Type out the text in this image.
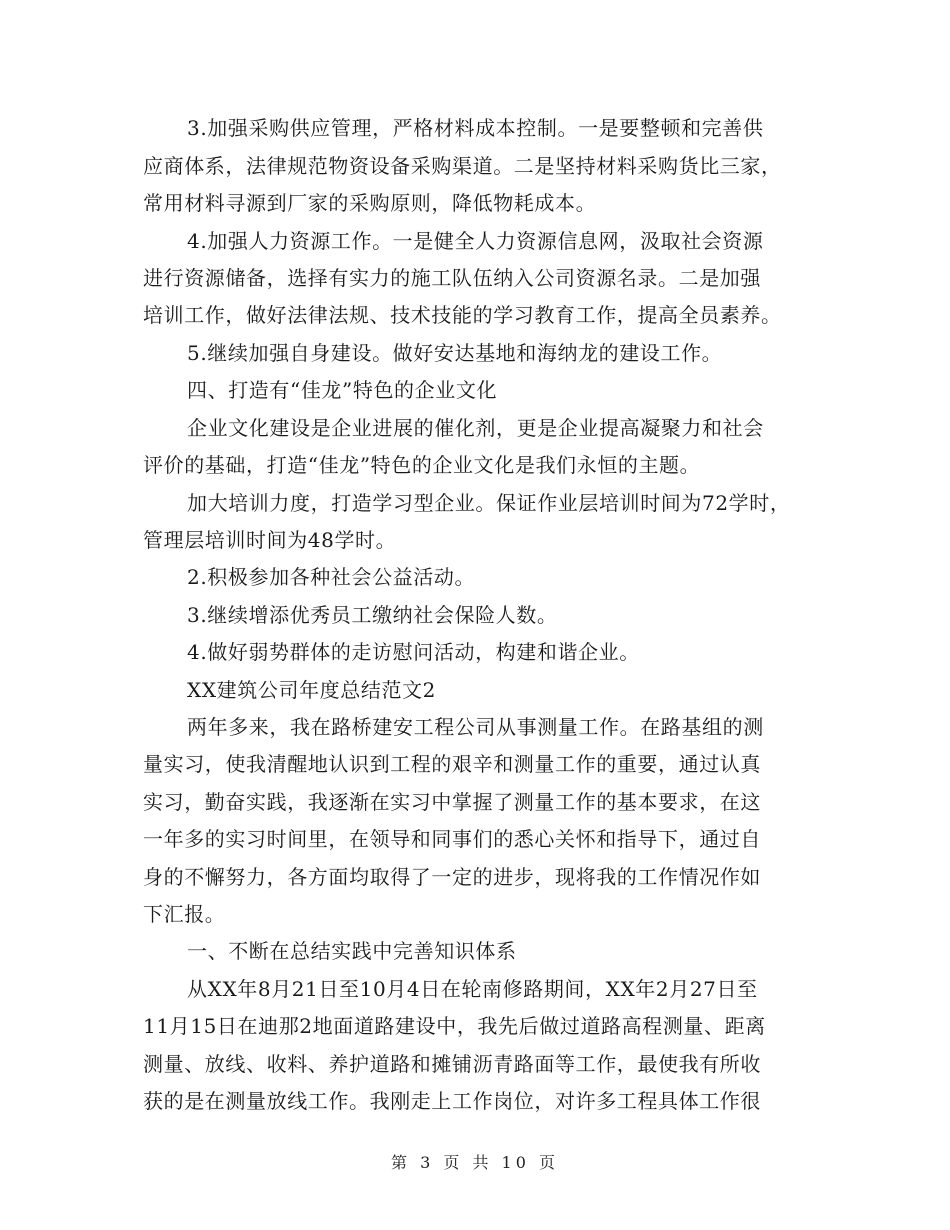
3.加强采购供应管理，严格材料成本控制。一是要整顿和完善供
应商体系，法律规范物资设备采购渠道。二是坚持材料采购货比三家，
常用材料寻源到厂家的采购原则，降低物耗成本。
4.加强人力资源工作。一是健全人力资源信息网，汲取社会资源
进行资源储备，选择有实力的施工队伍纳入公司资源名录。二是加强
培训工作，做好法律法规、技术技能的学习教育工作，提高全员素养。
5.继续加强自身建设。做好安达基地和海纳龙的建设工作。
四、打造有“佳龙”特色的企业文化
企业文化建设是企业进展的催化剂，更是企业提高凝聚力和社会
评价的基础，打造“佳龙”特色的企业文化是我们永恒的主题。
加大培训力度，打造学习型企业。保证作业层培训时间为72学时，
管理层培训时间为48学时。
2.积极参加各种社会公益活动。
3.继续增添优秀员工缴纳社会保险人数。
4.做好弱势群体的走访慰问活动，构建和谐企业。
XX建筑公司年度总结范文2
两年多来，我在路桥建安工程公司从事测量工作。在路基组的测
量实习，使我清醒地认识到工程的艰辛和测量工作的重要，通过认真
实习，勤奋实践，我逐渐在实习中掌握了测量工作的基本要求，在这
一年多的实习时间里，在领导和同事们的悉心关怀和指导下，通过自
身的不懈努力，各方面均取得了一定的进步，现将我的工作情况作如
下汇报。
一、不断在总结实践中完善知识体系
从XX年8月21日至10月4日在轮南修路期间，XX年2月27日至
11月15日在迪那2地面道路建设中，我先后做过道路高程测量、距离
测量、放线、收料、养护道路和摊铺沥青路面等工作，最使我有所收
获的是在测量放线工作。我刚走上工作岗位，对许多工程具体工作很
第 3 页 共 10 页
